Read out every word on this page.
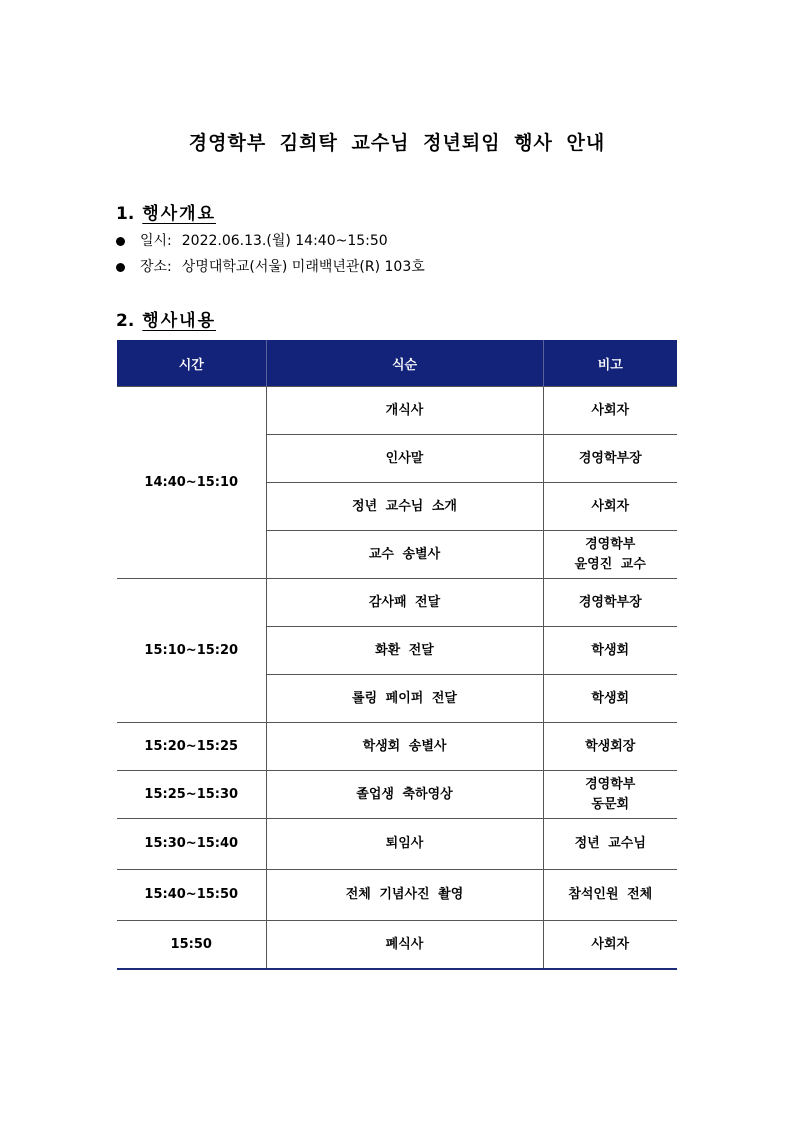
경영학부 김희탁 교수님 정년퇴임 행사 안내
1. 행사개요
일시: 2022.06.13.(월) 14:40~15:50
장소: 상명대학교(서울) 미래백년관(R) 103호
2. 행사내용
시간	식순	비고
14:40~15:10	개식사	사회자
	인사말	경영학부장
	정년 교수님 소개	사회자
	교수 송별사	경영학부
윤영진 교수
15:10~15:20	감사패 전달	경영학부장
	화환 전달	학생회
	롤링 페이퍼 전달	학생회
15:20~15:25	학생회 송별사	학생회장
15:25~15:30	졸업생 축하영상	경영학부
동문회
15:30~15:40	퇴임사	정년 교수님
15:40~15:50	전체 기념사진 촬영	참석인원 전체
15:50	폐식사	사회자
